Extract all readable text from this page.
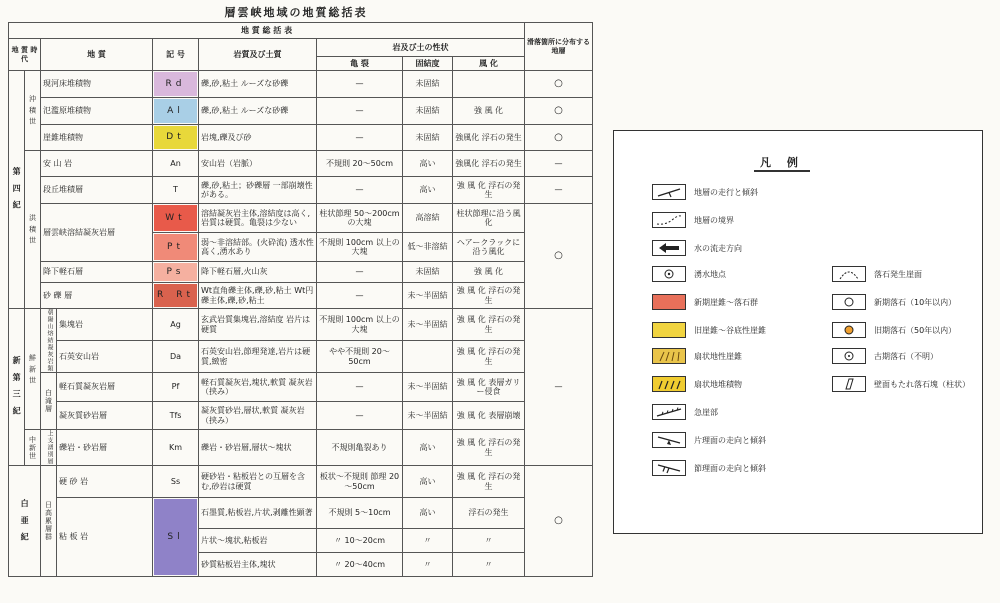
層雲峡地域の地質総括表
地 質 総 括 表									滑落箇所に分布する地層
地 質 時 代		地 質		記 号	岩質及び土質	岩及び土の性状			
						亀 裂	固結度	風 化	
第 四 紀	沖 積 世	現河床堆積物		Rd	礫,砂,粘土 ルーズな砂礫	—	未固結		○
		氾濫原堆積物		Al	礫,砂,粘土 ルーズな砂礫	—	未固結	強 風 化	○
		崖錐堆積物		Dt	岩塊,礫及び砂	—	未固結	強風化 浮石の発生	○
	洪 積 世	安 山 岩		An	安山岩（岩脈）	不規則 20～50cm	高い	強風化 浮石の発生	—
		段丘堆積層		T	礫,砂,粘土；砂礫層 一部崩壊性がある。	—	高い	強 風 化 浮石の発生	—
		層雲峡溶結凝灰岩層		Wt	溶結凝灰岩主体,溶結度は高く,岩質は硬質。亀裂は少ない	柱状節理 50～200cm の大塊	高溶結	柱状節理に沿う風化	○

Pt	弱～非溶結部。(火砕流) 透水性高く,湧水あり	不規則 100cm 以上の大塊	低～非溶結	ヘアークラックに沿う風化	
		降下軽石層		Ps	降下軽石層,火山灰	—	未固結	強 風 化	
		砂 礫 層		R Rt	Wt直角礫主体,礫,砂,粘土 Wt円礫主体,礫,砂,粘土	—	未～半固結	強 風 化 浮石の発生	
新 第 三 紀	鮮 新 世	朝陽山熔結凝灰岩類	集塊岩	Ag	玄武岩質集塊岩,溶結度 岩片は硬質	不規則 100cm 以上の大塊	未～半固結	強 風 化 浮石の発生	—
			石英安山岩	Da	石英安山岩,節理発達,岩片は硬質,緻密	やや不規則 20～50cm		強 風 化 浮石の発生	
		白滝層	軽石質凝灰岩層	Pf	軽石質凝灰岩,塊状,軟質 凝灰岩（挟み）	—	未～半固結	強 風 化 表層ガリー侵食	
			凝灰質砂岩層	Tfs	凝灰質砂岩,層状,軟質 凝灰岩（挟み）	—	未～半固結	強 風 化 表層崩壊	
	中新世	上支湧別層	礫岩・砂岩層	Km	礫岩・砂岩層,層状～塊状	不規則亀裂あり	高い	強 風 化 浮石の発生	
白 亜 紀		日高累層群	硬 砂 岩	Ss	硬砂岩・粘板岩との互層を含む,砂岩は硬質	板状～不規則 節理 20～50cm	高い	強 風 化 浮石の発生	○
			粘 板 岩	Sl	石墨質,粘板岩,片状,剥離性顕著	不規則 5～10cm	高い	浮石の発生	
					片状～塊状,粘板岩	〃 10～20cm	〃	〃	
					砂質粘板岩主体,塊状	〃 20～40cm	〃	〃	
凡 例
地層の走行と傾斜
地層の境界
水の流走方向
湧水地点
新期崖錐～落石群
旧崖錐～谷底性崖錐
扇状地性崖錐
扇状地堆積物
急崖部
片理面の走向と傾斜
節理面の走向と傾斜
落石発生崖面
新期落石（10年以内）
旧期落石（50年以内）
古期落石（不明）
壁面もたれ落石塊（柱状）
